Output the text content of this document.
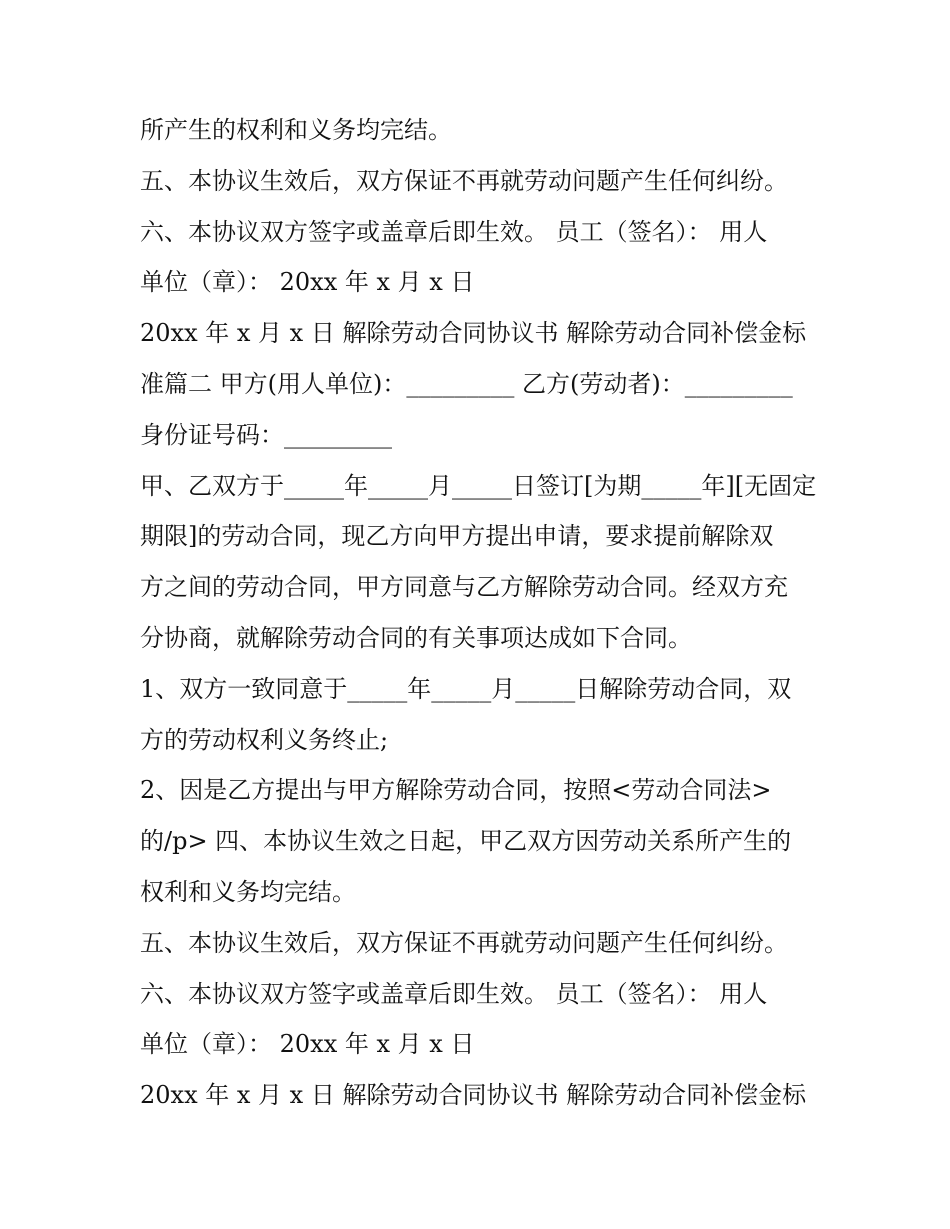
所产生的权利和义务均完结。
五、本协议生效后，双方保证不再就劳动问题产生任何纠纷。
六、本协议双方签字或盖章后即生效。 员工（签名）： 用人
单位（章）： 20xx 年 x 月 x 日
20xx 年 x 月 x 日 解除劳动合同协议书 解除劳动合同补偿金标
准篇二 甲方(用人单位)：_________ 乙方(劳动者)：_________
身份证号码：_________
甲、乙双方于_____年_____月_____日签订[为期_____年][无固定
期限]的劳动合同，现乙方向甲方提出申请，要求提前解除双
方之间的劳动合同，甲方同意与乙方解除劳动合同。经双方充
分协商，就解除劳动合同的有关事项达成如下合同。
1、双方一致同意于_____年_____月_____日解除劳动合同，双
方的劳动权利义务终止;
2、因是乙方提出与甲方解除劳动合同，按照<劳动合同法>
的/p> 四、本协议生效之日起，甲乙双方因劳动关系所产生的
权利和义务均完结。
五、本协议生效后，双方保证不再就劳动问题产生任何纠纷。
六、本协议双方签字或盖章后即生效。 员工（签名）： 用人
单位（章）： 20xx 年 x 月 x 日
20xx 年 x 月 x 日 解除劳动合同协议书 解除劳动合同补偿金标
